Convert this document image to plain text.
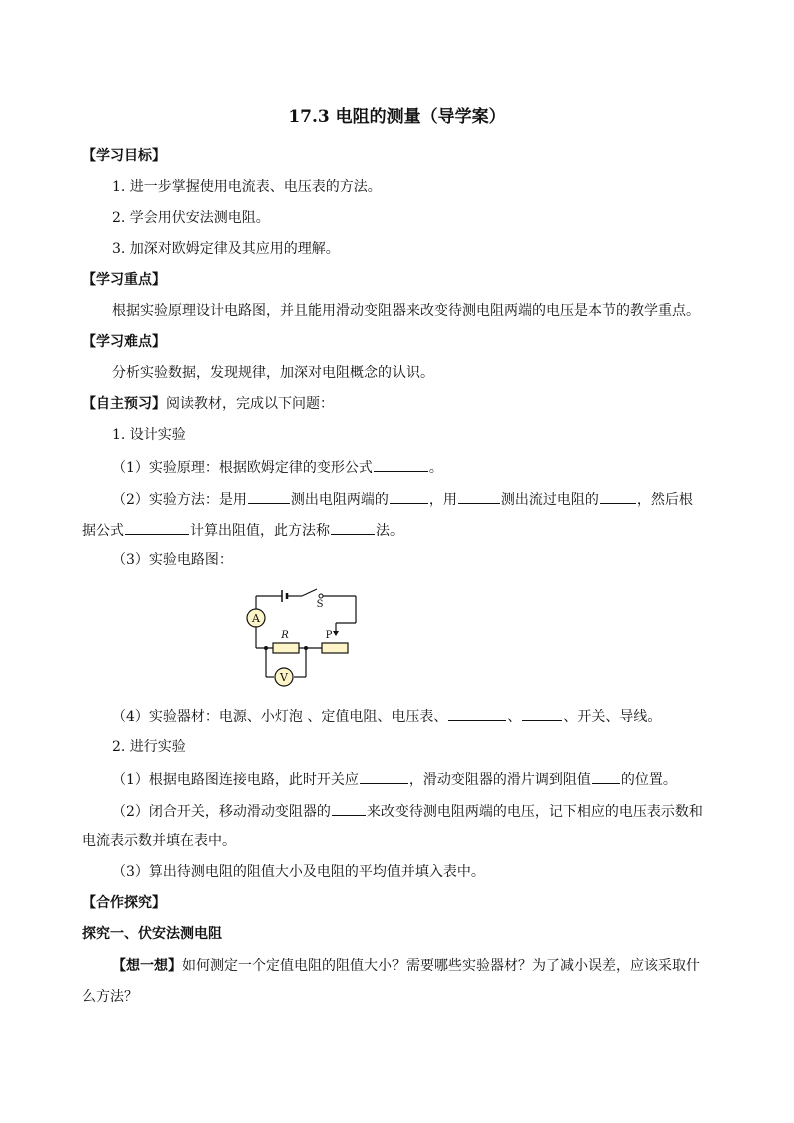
17.3 电阻的测量（导学案）
【学习目标】
1. 进一步掌握使用电流表、电压表的方法。
2. 学会用伏安法测电阻。
3. 加深对欧姆定律及其应用的理解。
【学习重点】
根据实验原理设计电路图，并且能用滑动变阻器来改变待测电阻两端的电压是本节的教学重点。
【学习难点】
分析实验数据，发现规律，加深对电阻概念的认识。
【自主预习】阅读教材，完成以下问题：
1. 设计实验
（1）实验原理：根据欧姆定律的变形公式	。
（2）实验方法：是用	测出电阻两端的	，用	测出流过电阻的	，然后根
据公式	计算出阻值，此方法称	法。
（3）实验电路图：
A
R	P
V
S
（4）实验器材：电源、小灯泡 、定值电阻、电压表、	、	、开关、导线。
2. 进行实验
（1）根据电路图连接电路，此时开关应	，滑动变阻器的滑片调到阻值 的位置。
（2）闭合开关，移动滑动变阻器的	来改变待测电阻两端的电压，记下相应的电压表示数和
电流表示数并填在表中。
（3）算出待测电阻的阻值大小及电阻的平均值并填入表中。
【合作探究】
探究一、伏安法测电阻
【想一想】如何测定一个定值电阻的阻值大小？需要哪些实验器材？为了减小误差，应该采取什
么方法？
